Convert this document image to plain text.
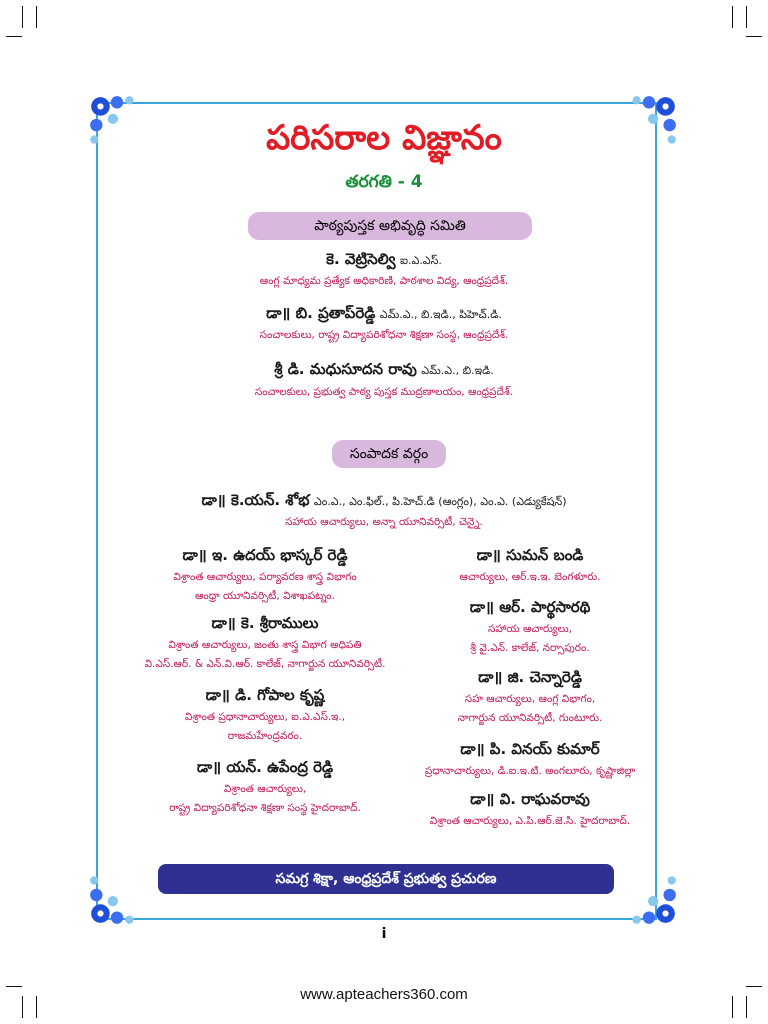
పరిసరాల విజ్ఞానం
తరగతి - 4
పాఠ్యపుస్తక అభివృద్ధి సమితి
కె. వెట్రిసెల్వి ఐ.ఎ.ఎస్.
ఆంగ్ల మాధ్యమ ప్రత్యేక అధికారిణి, పాఠశాల విద్య, ఆంధ్రప్రదేశ్.
డా॥ బి. ప్రతాప్‌రెడ్డి ఎమ్.ఎ., బి.ఇడి., పిహెచ్.డి.
సంచాలకులు, రాష్ట్ర విద్యాపరిశోధనా శిక్షణా సంస్థ, ఆంధ్రప్రదేశ్.
శ్రీ డి. మధుసూదన రావు ఎమ్.ఎ., బి.ఇడి.
సంచాలకులు, ప్రభుత్వ పాఠ్య పుస్తక ముద్రణాలయం, ఆంధ్రప్రదేశ్.
సంపాదక వర్గం
డా॥ కె.యన్. శోభ ఎం.ఎ., ఎం.ఫిల్., పి.హెచ్.డి (ఆంగ్లం), ఎం.ఎ. (ఎడ్యుకేషన్)
సహాయ ఆచార్యులు, అన్నా యూనివర్సిటీ, చెన్నై.
డా॥ ఇ. ఉదయ్ భాస్కర్ రెడ్డి
విశ్రాంత ఆచార్యులు, పర్యావరణ శాస్త్ర విభాగం
ఆంధ్రా యూనివర్సిటీ, విశాఖపట్నం.
డా॥ కె. శ్రీరాములు
విశ్రాంత ఆచార్యులు, జంతు శాస్త్ర విభాగ అధిపతి
వి.ఎస్.ఆర్. & ఎన్.వి.ఆర్. కాలేజ్, నాగార్జున యూనివర్సిటీ.
డా॥ డి. గోపాల కృష్ణ
విశ్రాంత ప్రధానాచార్యులు, ఐ.ఎ.ఎస్.ఇ.,
రాజమహేంద్రవరం.
డా॥ యన్. ఉపేంద్ర రెడ్డి
విశ్రాంత ఆచార్యులు,
రాష్ట్ర విద్యాపరిశోధనా శిక్షణా సంస్థ హైదరాబాద్.
డా॥ సుమన్ బండి
ఆచార్యులు, ఆర్.ఇ.ఇ. బెంగళూరు.
డా॥ ఆర్. పార్థసారథి
సహాయ ఆచార్యులు,
శ్రీ వై.ఎన్. కాలేజ్, నర్సాపురం.
డా॥ జి. చెన్నారెడ్డి
సహ ఆచార్యులు, ఆంగ్ల విభాగం,
నాగార్జున యూనివర్సిటీ, గుంటూరు.
డా॥ పి. వినయ్ కుమార్
ప్రధానాచార్యులు, డి.ఐ.ఇ.టి. అంగలూరు, కృష్ణాజిల్లా
డా॥ వి. రాఘవరావు
విశ్రాంత ఆచార్యులు, ఎ.పి.ఆర్.జె.సి. హైదరాబాద్.
సమగ్ర శిక్షా, ఆంధ్రప్రదేశ్ ప్రభుత్వ ప్రచురణ
i
www.apteachers360.com
